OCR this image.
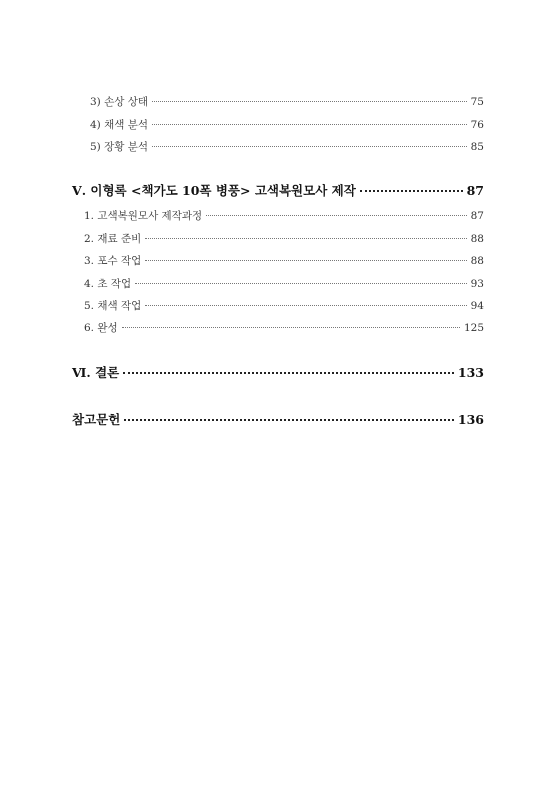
3) 손상 상태	75
4) 채색 분석	76
5) 장황 분석	85
Ⅴ. 이형록 <책가도 10폭 병풍> 고색복원모사 제작	87
1. 고색복원모사 제작과정	87
2. 재료 준비	88
3. 포수 작업	88
4. 초 작업	93
5. 채색 작업	94
6. 완성	125
Ⅵ. 결론	133
참고문헌	136
